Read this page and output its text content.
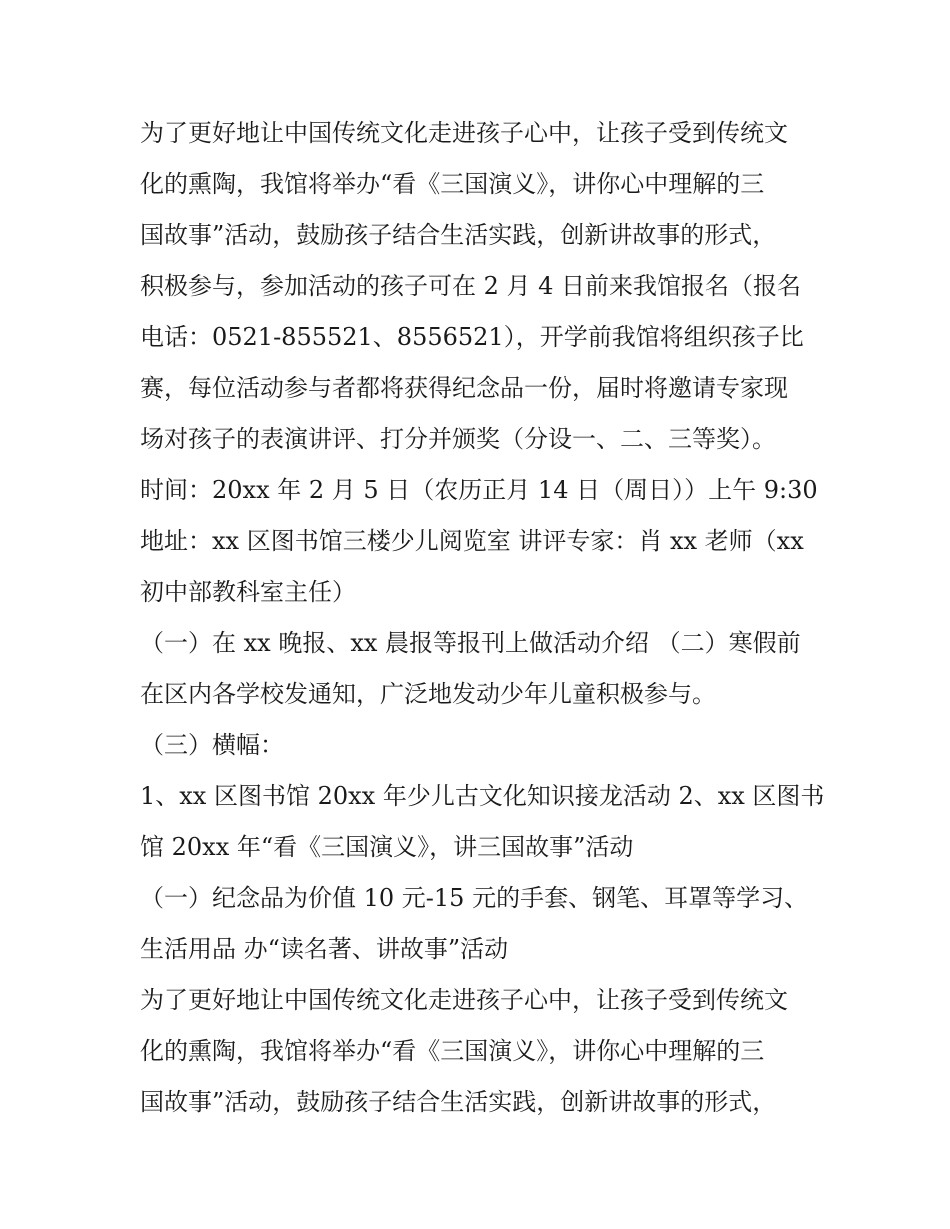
为了更好地让中国传统文化走进孩子心中，让孩子受到传统文
化的熏陶，我馆将举办“看《三国演义》，讲你心中理解的三
国故事”活动，鼓励孩子结合生活实践，创新讲故事的形式，
积极参与，参加活动的孩子可在 2 月 4 日前来我馆报名（报名
电话：0521-855521、8556521），开学前我馆将组织孩子比
赛，每位活动参与者都将获得纪念品一份，届时将邀请专家现
场对孩子的表演讲评、打分并颁奖（分设一、二、三等奖）。
时间：20xx 年 2 月 5 日（农历正月 14 日（周日））上午 9:30
地址：xx 区图书馆三楼少儿阅览室 讲评专家：肖 xx 老师（xx
初中部教科室主任）
（一）在 xx 晚报、xx 晨报等报刊上做活动介绍 （二）寒假前
在区内各学校发通知，广泛地发动少年儿童积极参与。
（三）横幅：
1、xx 区图书馆 20xx 年少儿古文化知识接龙活动 2、xx 区图书
馆 20xx 年“看《三国演义》，讲三国故事”活动
（一）纪念品为价值 10 元-15 元的手套、钢笔、耳罩等学习、
生活用品 办“读名著、讲故事”活动
为了更好地让中国传统文化走进孩子心中，让孩子受到传统文
化的熏陶，我馆将举办“看《三国演义》，讲你心中理解的三
国故事”活动，鼓励孩子结合生活实践，创新讲故事的形式，
